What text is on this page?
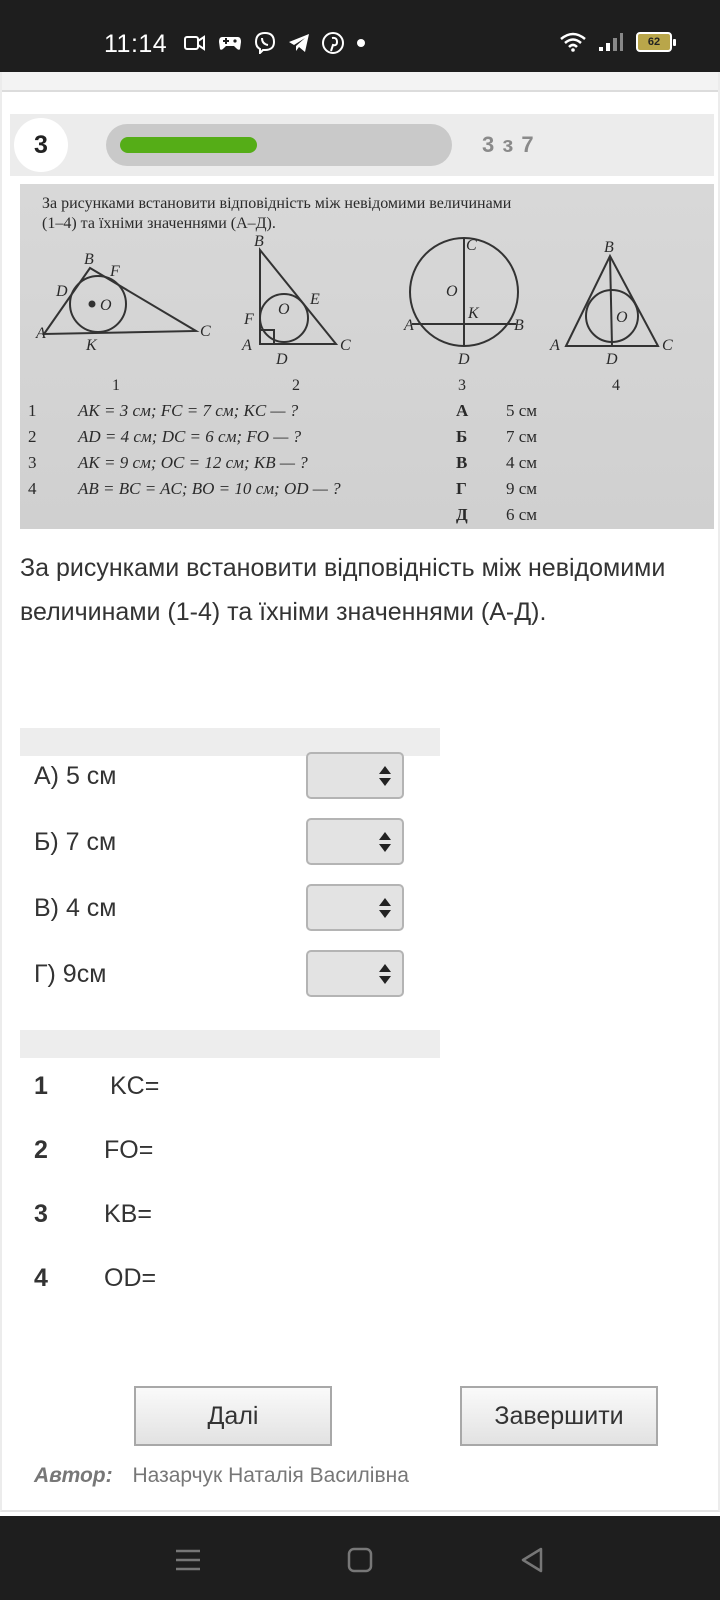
11:14	62
3	3 з 7
За рисунками встановити відповідність між невідомими величинами
(1–4) та їхніми значеннями (А–Д).
A
B
C
D
F
K
O
A
B
C
D
F
O
E
A	B
C
D
O
K
A
B
C
D
O
1	2	3	4
1 AK = 3 см; FC = 7 см; KC — ?
2 AD = 4 см; DC = 6 см; FO — ?
3 AK = 9 см; OC = 12 см; KB — ?
4 AB = BC = AC; BO = 10 см; OD — ?
А 5 см
Б 7 см
В 4 см
Г 9 см
Д 6 см
За рисунками встановити відповідність між невідомими величинами (1-4) та їхніми значеннями (А-Д).
А) 5 см
Б) 7 см
В) 4 см
Г) 9см
1 KC=
2 FO=
3 KB=
4 OD=
Далі	Завершити
Автор: Назарчук Наталія Василівна
